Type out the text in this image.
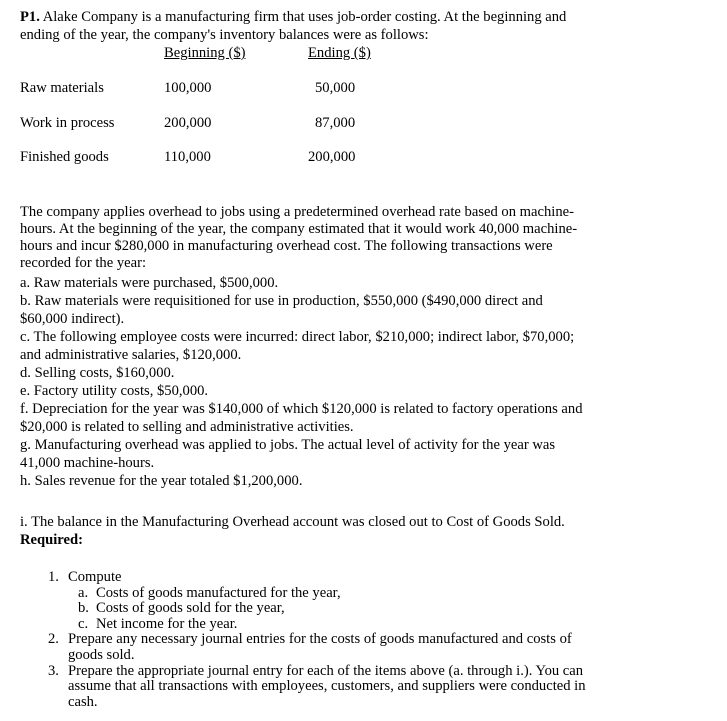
P1. Alake Company is a manufacturing firm that uses job-order costing. At the beginning and
ending of the year, the company's inventory balances were as follows:
Beginning ($)	Ending ($)
Raw materials	100,000	50,000
Work in process	200,000	87,000
Finished goods	110,000	200,000
The company applies overhead to jobs using a predetermined overhead rate based on machine-
hours. At the beginning of the year, the company estimated that it would work 40,000 machine-
hours and incur $280,000 in manufacturing overhead cost. The following transactions were
recorded for the year:
a. Raw materials were purchased, $500,000.
b. Raw materials were requisitioned for use in production, $550,000 ($490,000 direct and
$60,000 indirect).
c. The following employee costs were incurred: direct labor, $210,000; indirect labor, $70,000;
and administrative salaries, $120,000.
d. Selling costs, $160,000.
e. Factory utility costs, $50,000.
f. Depreciation for the year was $140,000 of which $120,000 is related to factory operations and
$20,000 is related to selling and administrative activities.
g. Manufacturing overhead was applied to jobs. The actual level of activity for the year was
41,000 machine-hours.
h. Sales revenue for the year totaled $1,200,000.
i. The balance in the Manufacturing Overhead account was closed out to Cost of Goods Sold.
Required:
1. Compute
a. Costs of goods manufactured for the year,
b. Costs of goods sold for the year,
c. Net income for the year.
2. Prepare any necessary journal entries for the costs of goods manufactured and costs of
goods sold.
3. Prepare the appropriate journal entry for each of the items above (a. through i.). You can
assume that all transactions with employees, customers, and suppliers were conducted in
cash.
